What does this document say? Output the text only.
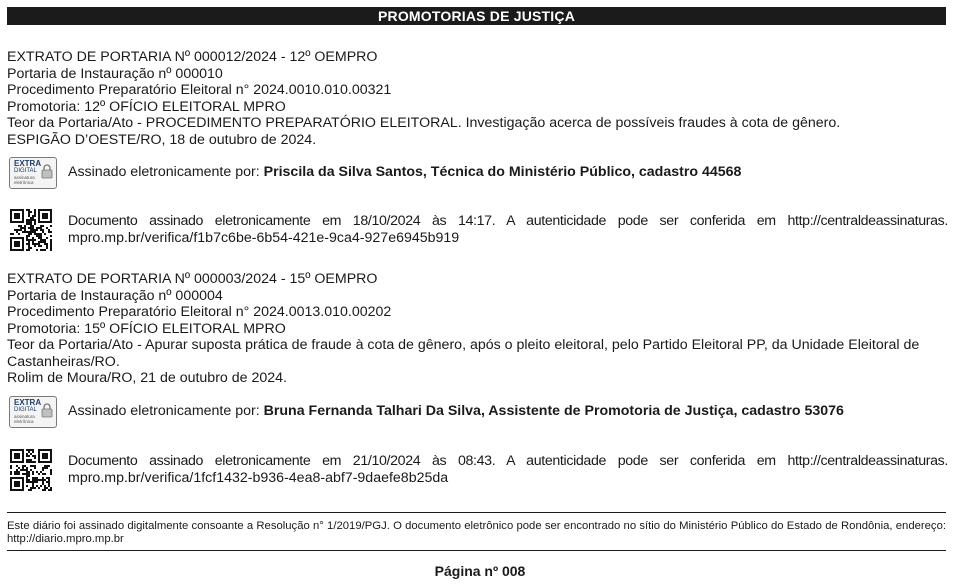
PROMOTORIAS DE JUSTIÇA
EXTRATO DE PORTARIA Nº 000012/2024 - 12º OEMPRO
Portaria de Instauração nº 000010
Procedimento Preparatório Eleitoral n° 2024.0010.010.00321
Promotoria: 12º OFÍCIO ELEITORAL MPRO
Teor da Portaria/Ato - PROCEDIMENTO PREPARATÓRIO ELEITORAL. Investigação acerca de possíveis fraudes à cota de gênero.
ESPIGÃO D’OESTE/RO, 18 de outubro de 2024.
EXTRA
DIGITAL
assinatura eletrônica
Assinado eletronicamente por: Priscila da Silva Santos, Técnica do Ministério Público, cadastro 44568
Documento assinado eletronicamente em 18/10/2024 às 14:17. A autenticidade pode ser conferida em http://centraldeassinaturas.
mpro.mp.br/verifica/f1b7c6be-6b54-421e-9ca4-927e6945b919
EXTRATO DE PORTARIA Nº 000003/2024 - 15º OEMPRO
Portaria de Instauração nº 000004
Procedimento Preparatório Eleitoral n° 2024.0013.010.00202
Promotoria: 15º OFÍCIO ELEITORAL MPRO
Teor da Portaria/Ato - Apurar suposta prática de fraude à cota de gênero, após o pleito eleitoral, pelo Partido Eleitoral PP, da Unidade Eleitoral de Castanheiras/RO.
Rolim de Moura/RO, 21 de outubro de 2024.
EXTRA
DIGITAL
assinatura eletrônica
Assinado eletronicamente por: Bruna Fernanda Talhari Da Silva, Assistente de Promotoria de Justiça, cadastro 53076
Documento assinado eletronicamente em 21/10/2024 às 08:43. A autenticidade pode ser conferida em http://centraldeassinaturas.
mpro.mp.br/verifica/1fcf1432-b936-4ea8-abf7-9daefe8b25da
Este diário foi assinado digitalmente consoante a Resolução n° 1/2019/PGJ. O documento eletrônico pode ser encontrado no sítio do Ministério Público do Estado de Rondônia, endereço: http://diario.mpro.mp.br
Página nº 008
